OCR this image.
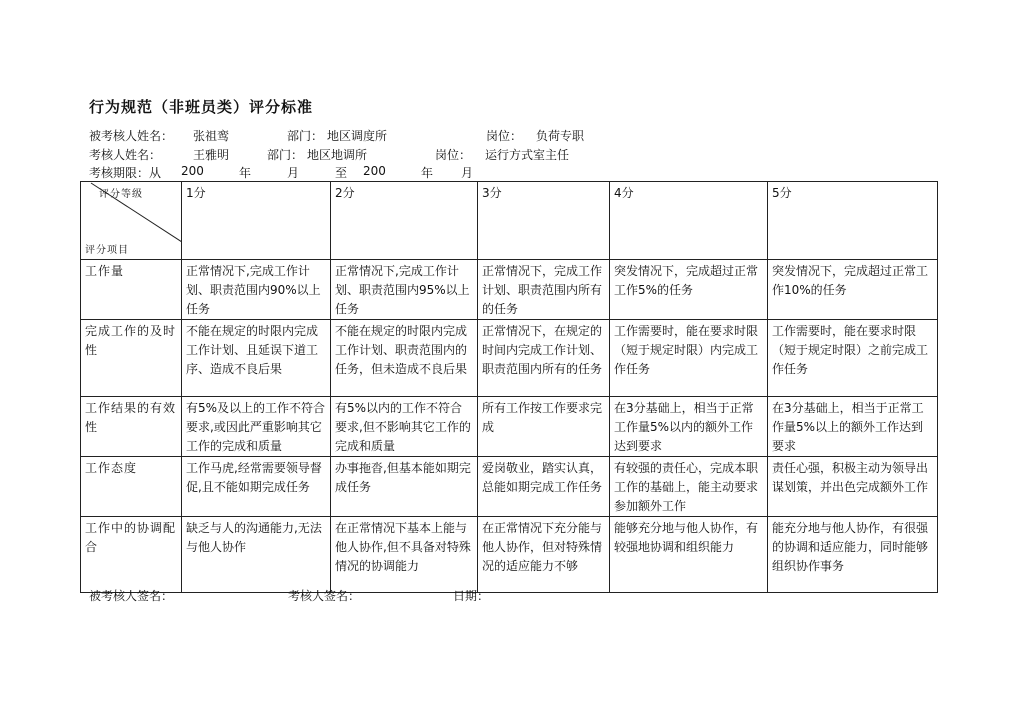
行为规范（非班员类）评分标准
被考核人姓名： 张祖鸾	部门： 地区调度所	岗位： 负荷专职
考核人姓名：	王雅明	部门： 地区地调所	岗位： 运行方式室主任
考核期限：从 200	年	月	至 200	年 月
评分等级
评分项目	1分	2分	3分	4分	5分
工作量	正常情况下,完成工作计划、职责范围内90%以上任务	正常情况下,完成工作计划、职责范围内95%以上任务	正常情况下，完成工作计划、职责范围内所有的任务	突发情况下，完成超过正常工作5%的任务	突发情况下，完成超过正常工作10%的任务
完成工作的及时性	不能在规定的时限内完成工作计划、且延误下道工序、造成不良后果	不能在规定的时限内完成工作计划、职责范围内的任务，但未造成不良后果	正常情况下，在规定的时间内完成工作计划、职责范围内所有的任务	工作需要时，能在要求时限（短于规定时限）内完成工作任务	工作需要时，能在要求时限（短于规定时限）之前完成工作任务
工作结果的有效性	有5%及以上的工作不符合要求,或因此严重影响其它工作的完成和质量	有5%以内的工作不符合要求,但不影响其它工作的完成和质量	所有工作按工作要求完成	在3分基础上，相当于正常工作量5%以内的额外工作达到要求	在3分基础上，相当于正常工作量5%以上的额外工作达到要求
工作态度	工作马虎,经常需要领导督促,且不能如期完成任务	办事拖沓,但基本能如期完成任务	爱岗敬业，踏实认真，总能如期完成工作任务	有较强的责任心，完成本职工作的基础上，能主动要求参加额外工作	责任心强，积极主动为领导出谋划策，并出色完成额外工作
工作中的协调配合	缺乏与人的沟通能力,无法与他人协作	在正常情况下基本上能与他人协作,但不具备对特殊情况的协调能力	在正常情况下充分能与他人协作，但对特殊情况的适应能力不够	能够充分地与他人协作，有较强地协调和组织能力	能充分地与他人协作，有很强的协调和适应能力，同时能够组织协作事务
被考核人签名：	考核人签名：	日期：
